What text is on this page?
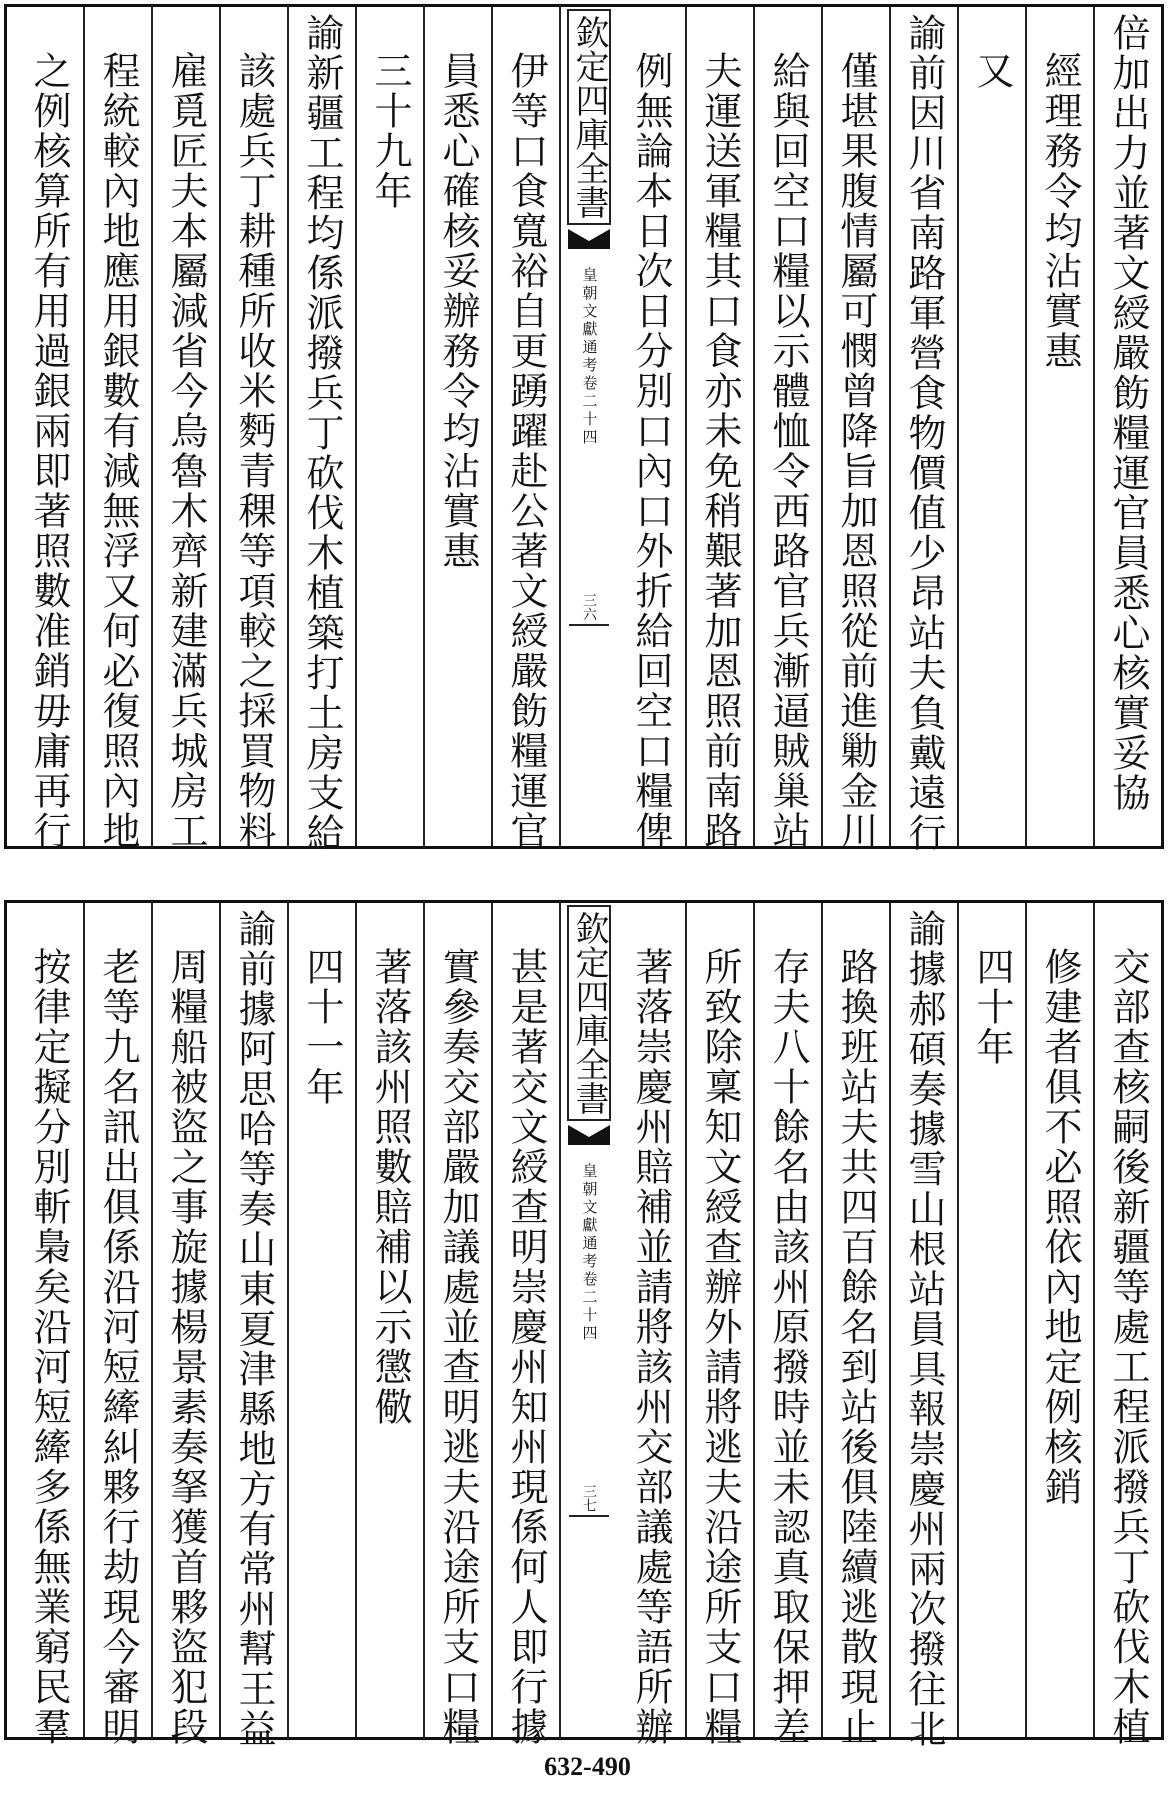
倍加出力並著文綬嚴飭糧運官員悉心核實妥協
經理務令均沾實惠
又
諭前因川省南路軍營食物價值少昂站夫負戴遠行
僅堪果腹情屬可憫曾降旨加恩照從前進勦金川
給與回空口糧以示體恤令西路官兵漸逼賊巢站
夫運送軍糧其口食亦未免稍艱著加恩照前南路
例無論本日次日分別口內口外折給回空口糧俾
欽定四庫全書
皇朝文獻通考卷二十四
三六
伊等口食寬裕自更踴躍赴公著文綬嚴飭糧運官
員悉心確核妥辦務令均沾實惠
三十九年
諭新疆工程均係派撥兵丁砍伐木植築打土房支給
該處兵丁耕種所收米麪青稞等項較之採買物料
雇覓匠夫本屬減省今烏魯木齊新建滿兵城房工
程統較內地應用銀數有減無浮又何必復照內地
之例核算所有用過銀兩即著照數准銷毋庸再行
交部查核嗣後新疆等處工程派撥兵丁砍伐木植
修建者俱不必照依內地定例核銷
四十年
諭據郝碩奏據雪山根站員具報崇慶州兩次撥往北
路換班站夫共四百餘名到站後俱陸續逃散現止
存夫八十餘名由該州原撥時並未認真取保押差
所致除稟知文綬查辦外請將逃夫沿途所支口糧
著落崇慶州賠補並請將該州交部議處等語所辦
欽定四庫全書
皇朝文獻通考卷二十四
三七
甚是著交文綬查明崇慶州知州現係何人即行據
實參奏交部嚴加議處並查明逃夫沿途所支口糧
著落該州照數賠補以示懲儆
四十一年
諭前據阿思哈等奏山東夏津縣地方有常州幫王益
周糧船被盜之事旋據楊景素奏拏獲首夥盜犯段
老等九名訊出俱係沿河短縴糾夥行劫現今審明
按律定擬分別斬梟矣沿河短縴多係無業窮民羣
632-490
